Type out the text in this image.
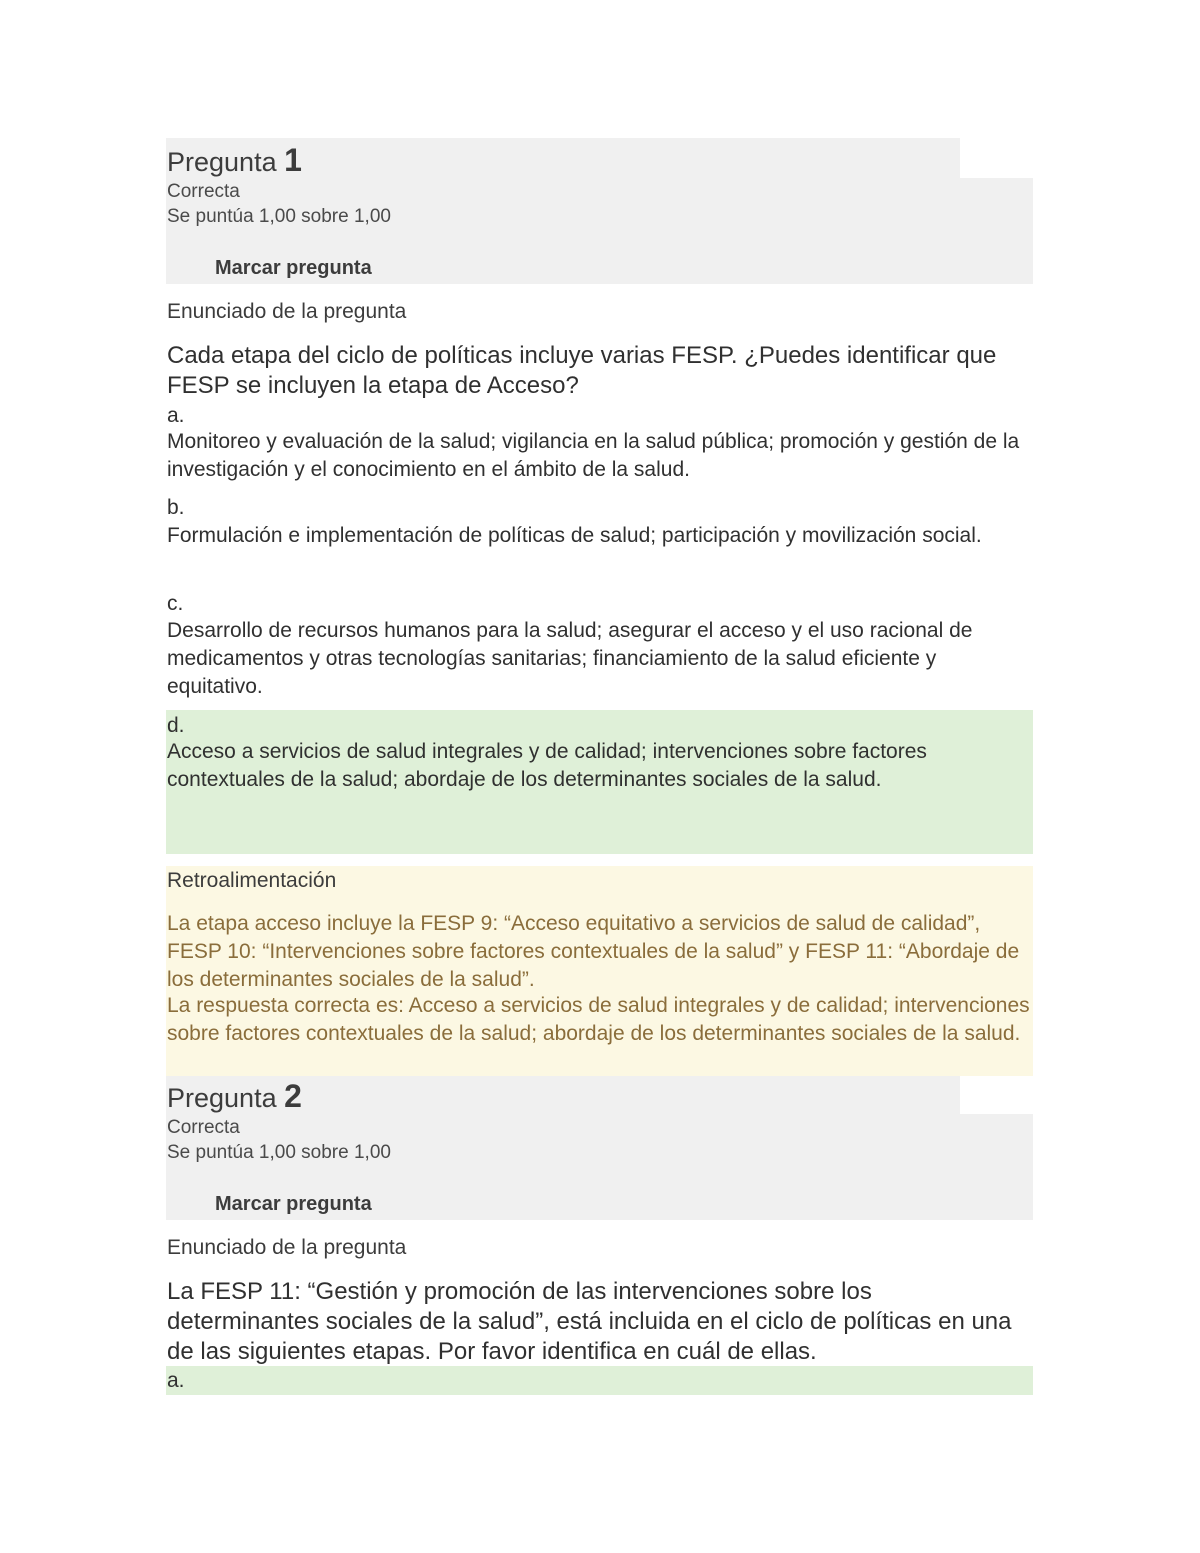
Pregunta 1
Correcta
Se puntúa 1,00 sobre 1,00
Marcar pregunta
Enunciado de la pregunta
Cada etapa del ciclo de políticas incluye varias FESP. ¿Puedes identificar que FESP se incluyen la etapa de Acceso?
a.
Monitoreo y evaluación de la salud; vigilancia en la salud pública; promoción y gestión de la investigación y el conocimiento en el ámbito de la salud.
b.
Formulación e implementación de políticas de salud; participación y movilización social.
c.
Desarrollo de recursos humanos para la salud; asegurar el acceso y el uso racional de medicamentos y otras tecnologías sanitarias; financiamiento de la salud eficiente y equitativo.
d.
Acceso a servicios de salud integrales y de calidad; intervenciones sobre factores contextuales de la salud; abordaje de los determinantes sociales de la salud.
Retroalimentación
La etapa acceso incluye la FESP 9: “Acceso equitativo a servicios de salud de calidad”, FESP 10: “Intervenciones sobre factores contextuales de la salud” y FESP 11: “Abordaje de los determinantes sociales de la salud”.
La respuesta correcta es: Acceso a servicios de salud integrales y de calidad; intervenciones sobre factores contextuales de la salud; abordaje de los determinantes sociales de la salud.
Pregunta 2
Correcta
Se puntúa 1,00 sobre 1,00
Marcar pregunta
Enunciado de la pregunta
La FESP 11: “Gestión y promoción de las intervenciones sobre los determinantes sociales de la salud”, está incluida en el ciclo de políticas en una de las siguientes etapas. Por favor identifica en cuál de ellas.
a.
